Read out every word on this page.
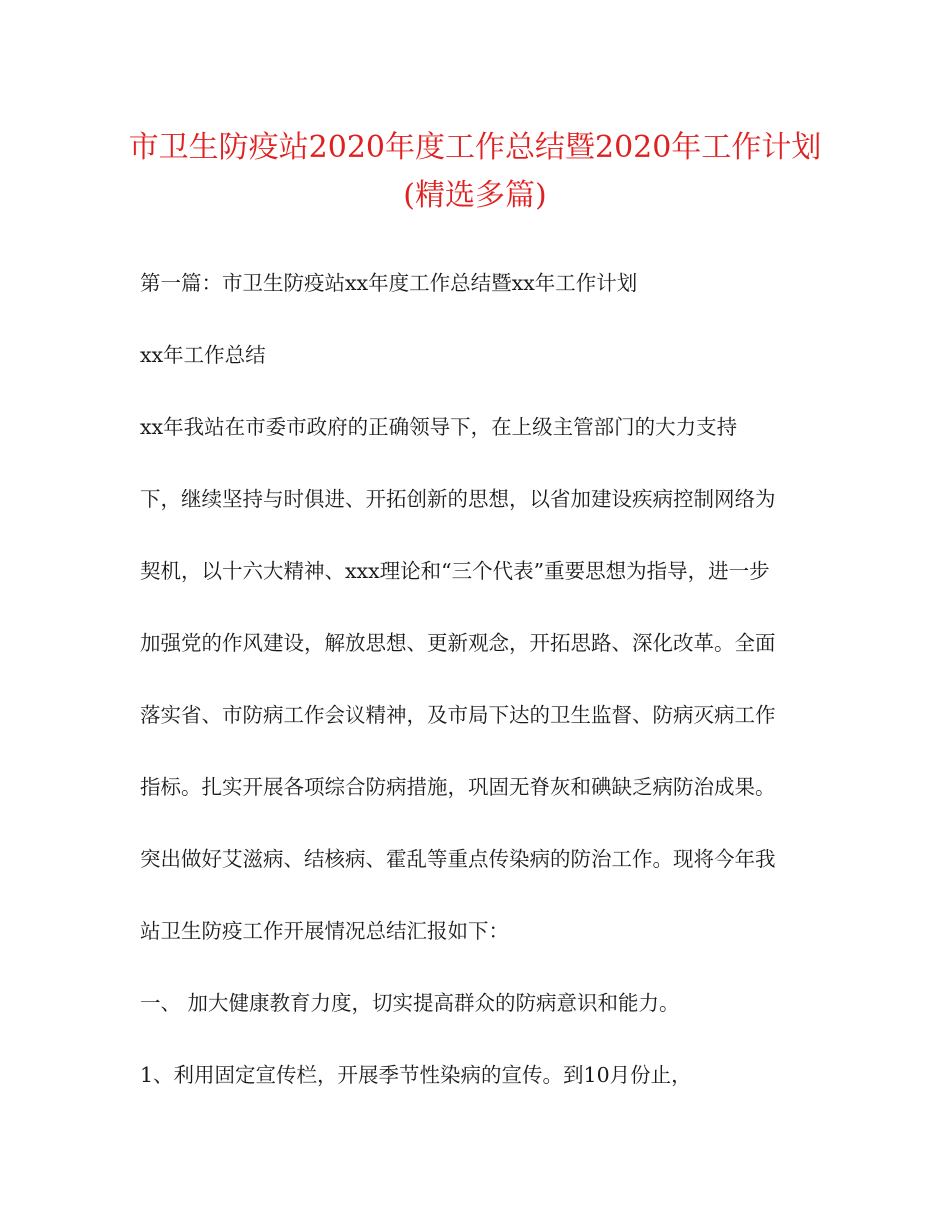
市卫生防疫站2020年度工作总结暨2020年工作计划
(精选多篇)

第一篇：市卫生防疫站xx年度工作总结暨xx年工作计划

xx年工作总结

xx年我站在市委市政府的正确领导下，在上级主管部门的大力支持

下，继续坚持与时俱进、开拓创新的思想，以省加建设疾病控制网络为

契机，以十六大精神、xxx理论和“三个代表”重要思想为指导，进一步

加强党的作风建设，解放思想、更新观念，开拓思路、深化改革。全面

落实省、市防病工作会议精神，及市局下达的卫生监督、防病灭病工作

指标。扎实开展各项综合防病措施，巩固无脊灰和碘缺乏病防治成果。

突出做好艾滋病、结核病、霍乱等重点传染病的防治工作。现将今年我

站卫生防疫工作开展情况总结汇报如下：

一、 加大健康教育力度，切实提高群众的防病意识和能力。

1、利用固定宣传栏，开展季节性染病的宣传。到10月份止，
